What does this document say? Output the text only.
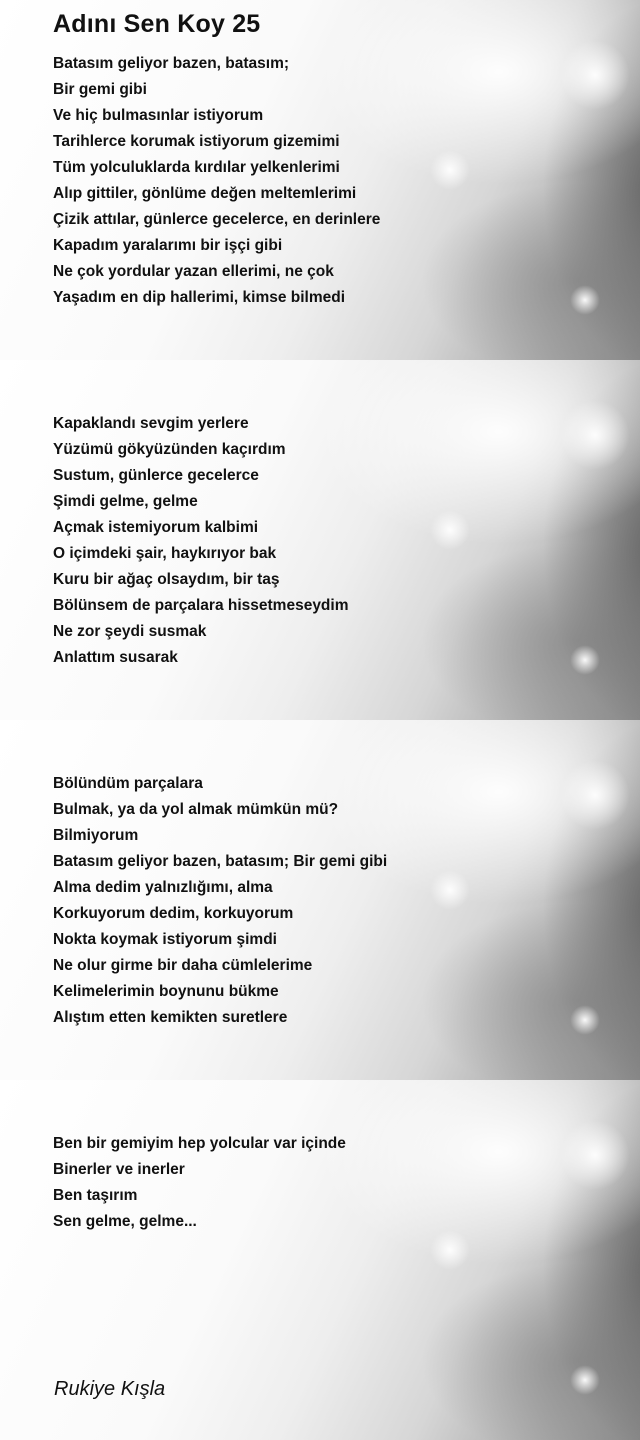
Adını Sen Koy 25
Batasım geliyor bazen, batasım;
Bir gemi gibi
Ve hiç bulmasınlar istiyorum
Tarihlerce korumak istiyorum gizemimi
Tüm yolculuklarda kırdılar yelkenlerimi
Alıp gittiler, gönlüme değen meltemlerimi
Çizik attılar, günlerce gecelerce, en derinlere
Kapadım yaralarımı bir işçi gibi
Ne çok yordular yazan ellerimi, ne çok
Yaşadım en dip hallerimi, kimse bilmedi
Kapaklandı sevgim yerlere
Yüzümü gökyüzünden kaçırdım
Sustum, günlerce gecelerce
Şimdi gelme, gelme
Açmak istemiyorum kalbimi
O içimdeki şair, haykırıyor bak
Kuru bir ağaç olsaydım, bir taş
Bölünsem de parçalara hissetmeseydim
Ne zor şeydi susmak
Anlattım susarak
Bölündüm parçalara
Bulmak, ya da yol almak mümkün mü?
Bilmiyorum
Batasım geliyor bazen, batasım; Bir gemi gibi
Alma dedim yalnızlığımı, alma
Korkuyorum dedim, korkuyorum
Nokta koymak istiyorum şimdi
Ne olur girme bir daha cümlelerime
Kelimelerimin boynunu bükme
Alıştım etten kemikten suretlere
Ben bir gemiyim hep yolcular var içinde
Binerler ve inerler
Ben taşırım
Sen gelme, gelme...
Rukiye Kışla
